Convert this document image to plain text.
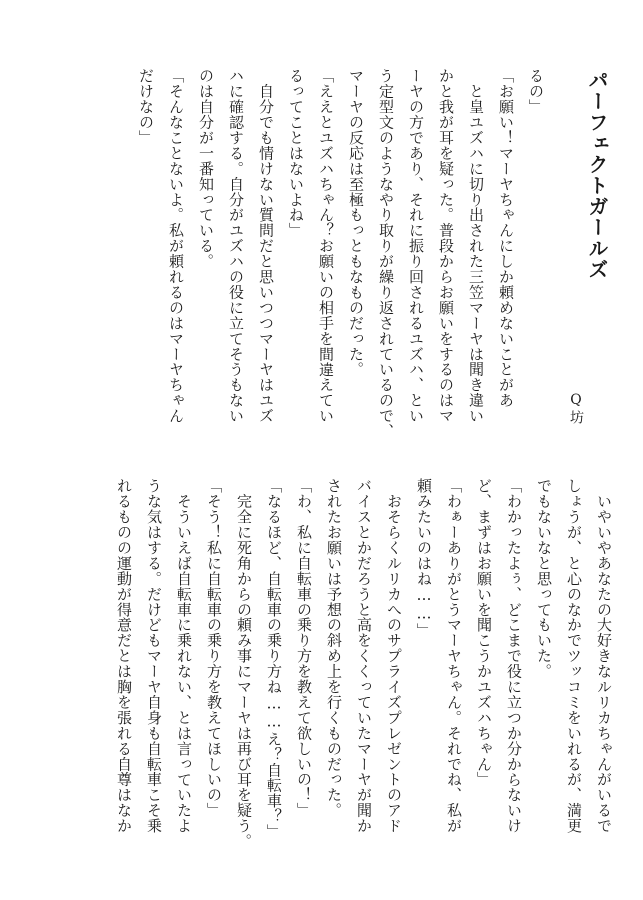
パーフェクトガールズ
Q坊
るの」
「お願い！マーヤちゃんにしか頼めないことがあ
　と皇ユズハに切り出された三笠マーヤは聞き違い
かと我が耳を疑った。普段からお願いをするのはマ
ーヤの方であり、それに振り回されるユズハ、とい
う定型文のようなやり取りが繰り返されているので、
マーヤの反応は至極もっともなものだった。
「ええとユズハちゃん？お願いの相手を間違えてい
るってことはないよね」
　自分でも情けない質問だと思いつつマーヤはユズ
ハに確認する。自分がユズハの役に立てそうもない
のは自分が一番知っている。
「そんなことないよ。私が頼れるのはマーヤちゃん
だけなの」
　いやいやあなたの大好きなルリカちゃんがいるで
しょうが、と心のなかでツッコミをいれるが、満更
でもないなと思ってもいた。
「わかったよぅ、どこまで役に立つか分からないけ
ど、まずはお願いを聞こうかユズハちゃん」
「わぁーありがとうマーヤちゃん。それでね、私が
頼みたいのはね……」
　おそらくルリカへのサプライズプレゼントのアド
バイスとかだろうと高をくくっていたマーヤが聞か
されたお願いは予想の斜め上を行くものだった。
「わ、私に自転車の乗り方を教えて欲しいの！」
「なるほど、自転車の乗り方ね……え？自転車？」
　完全に死角からの頼み事にマーヤは再び耳を疑う。
「そう！私に自転車の乗り方を教えてほしいの」
　そういえば自転車に乗れない、とは言っていたよ
うな気はする。だけどもマーヤ自身も自転車こそ乗
れるものの運動が得意だとは胸を張れる自尊はなか
